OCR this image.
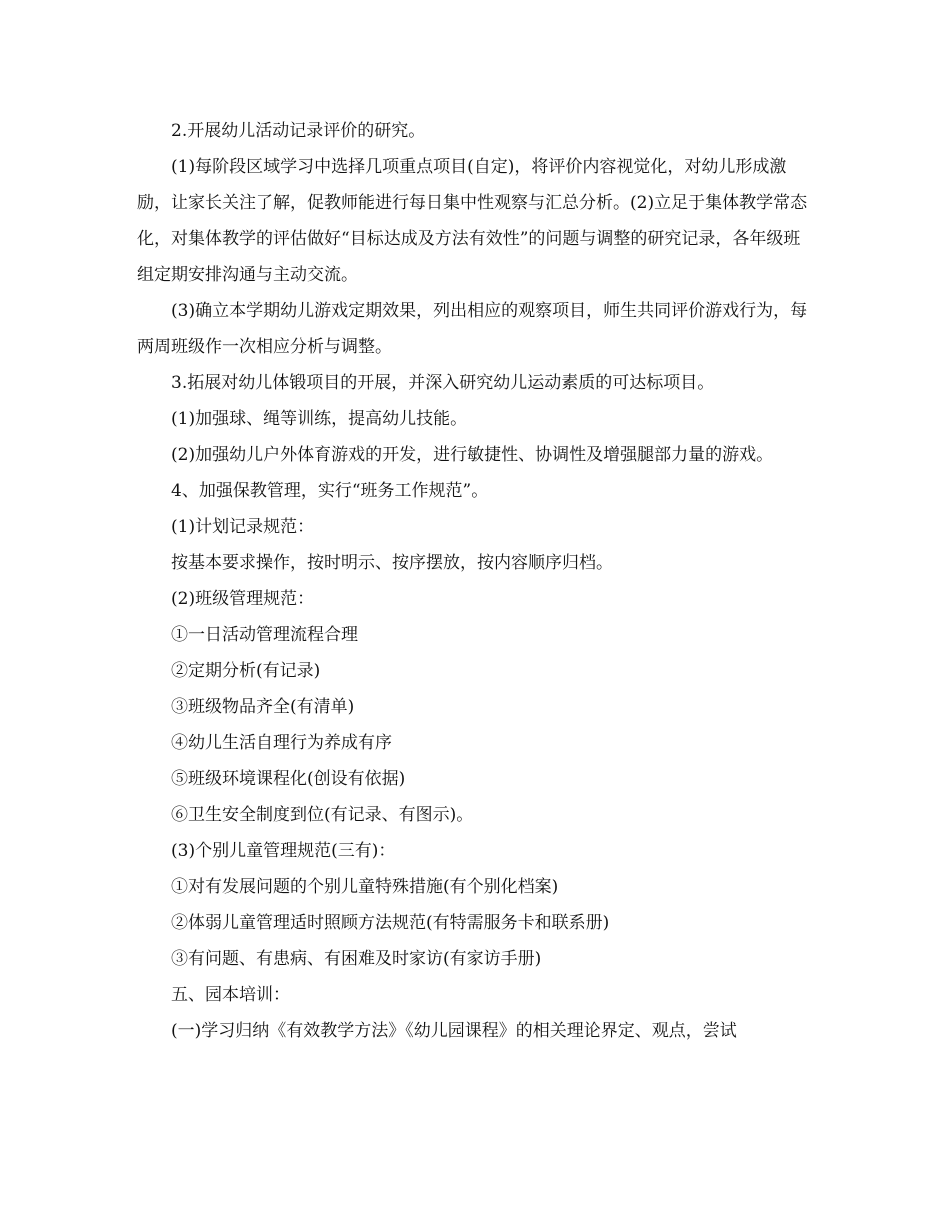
2.开展幼儿活动记录评价的研究。

(1)每阶段区域学习中选择几项重点项目(自定)，将评价内容视觉化，对幼儿形成激励，让家长关注了解，促教师能进行每日集中性观察与汇总分析。(2)立足于集体教学常态化，对集体教学的评估做好“目标达成及方法有效性”的问题与调整的研究记录，各年级班组定期安排沟通与主动交流。

(3)确立本学期幼儿游戏定期效果，列出相应的观察项目，师生共同评价游戏行为，每两周班级作一次相应分析与调整。

3.拓展对幼儿体锻项目的开展，并深入研究幼儿运动素质的可达标项目。

(1)加强球、绳等训练，提高幼儿技能。

(2)加强幼儿户外体育游戏的开发，进行敏捷性、协调性及增强腿部力量的游戏。

4、加强保教管理，实行“班务工作规范”。

(1)计划记录规范：

按基本要求操作，按时明示、按序摆放，按内容顺序归档。

(2)班级管理规范：

①一日活动管理流程合理

②定期分析(有记录)

③班级物品齐全(有清单)

④幼儿生活自理行为养成有序

⑤班级环境课程化(创设有依据)

⑥卫生安全制度到位(有记录、有图示)。

(3)个别儿童管理规范(三有)：

①对有发展问题的个别儿童特殊措施(有个别化档案)

②体弱儿童管理适时照顾方法规范(有特需服务卡和联系册)

③有问题、有患病、有困难及时家访(有家访手册)

五、园本培训：

(一)学习归纳《有效教学方法》《幼儿园课程》的相关理论界定、观点，尝试
